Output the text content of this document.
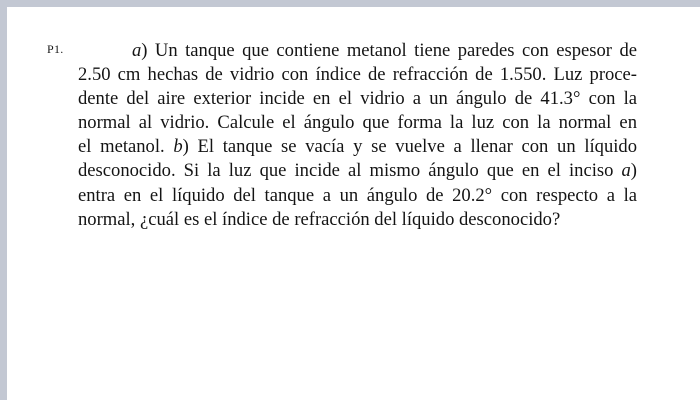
P1.	a) Un tanque que contiene metanol tiene paredes con espesor de
2.50 cm hechas de vidrio con índice de refracción de 1.550. Luz proce-
dente del aire exterior incide en el vidrio a un ángulo de 41.3° con la
normal al vidrio. Calcule el ángulo que forma la luz con la normal en
el metanol. b) El tanque se vacía y se vuelve a llenar con un líquido
desconocido. Si la luz que incide al mismo ángulo que en el inciso a)
entra en el líquido del tanque a un ángulo de 20.2° con respecto a la
normal, ¿cuál es el índice de refracción del líquido desconocido?
